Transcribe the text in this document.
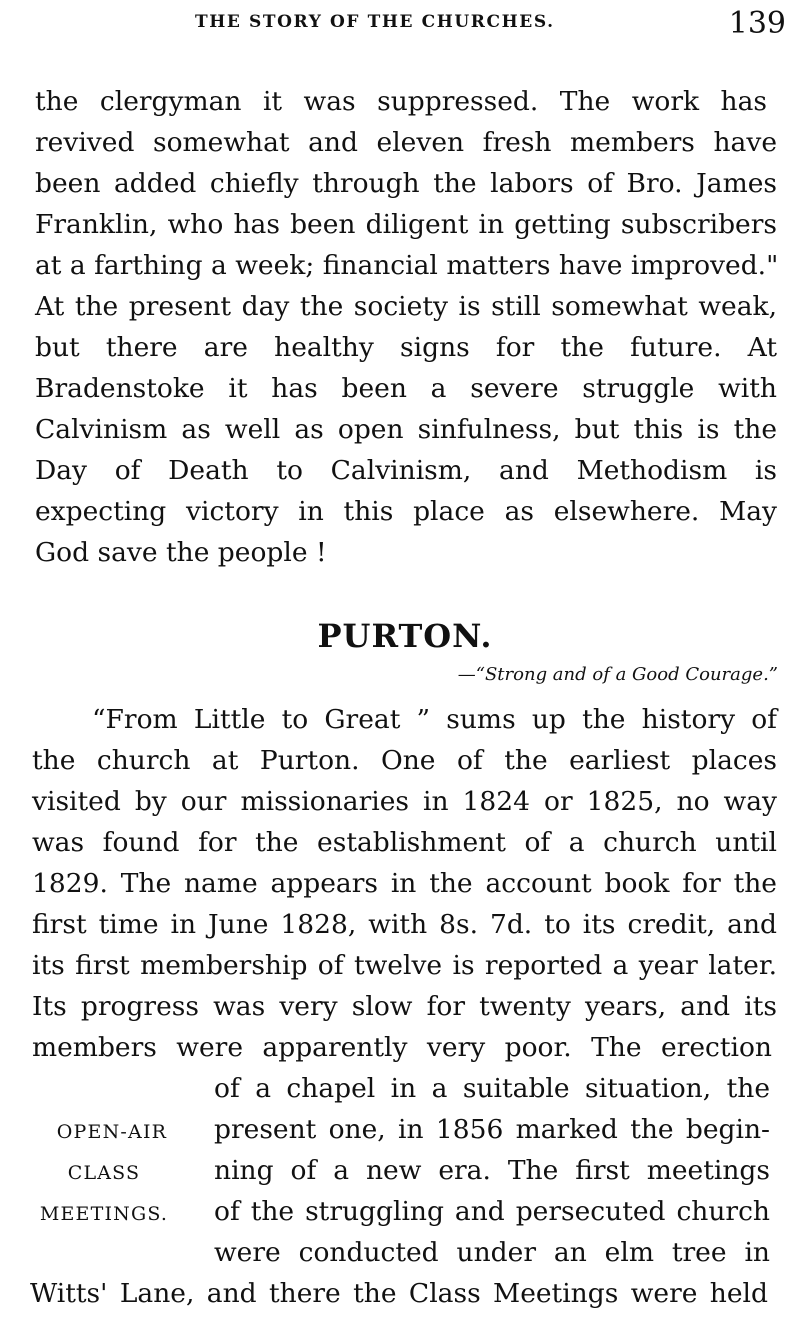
THE STORY OF THE CHURCHES.	139
the clergyman it was suppressed. The work has
revived somewhat and eleven fresh members have
been added chiefly through the labors of Bro. James
Franklin, who has been diligent in getting subscribers
at a farthing a week; financial matters have improved."
At the present day the society is still somewhat weak,
but there are healthy signs for the future. At
Bradenstoke it has been a severe struggle with
Calvinism as well as open sinfulness, but this is the
Day of Death to Calvinism, and Methodism is
expecting victory in this place as elsewhere. May
God save the people !
PURTON.
—“Strong and of a Good Courage.”
“From Little to Great ” sums up the history of
the church at Purton. One of the earliest places
visited by our missionaries in 1824 or 1825, no way
was found for the establishment of a church until
1829. The name appears in the account book for the
first time in June 1828, with 8s. 7d. to its credit, and
its first membership of twelve is reported a year later.
Its progress was very slow for twenty years, and its
members were apparently very poor. The erection
of a chapel in a suitable situation, the
present one, in 1856 marked the begin-
ning of a new era. The first meetings
of the struggling and persecuted church
were conducted under an elm tree in
Witts' Lane, and there the Class Meetings were held
OPEN-AIR
CLASS
MEETINGS.
